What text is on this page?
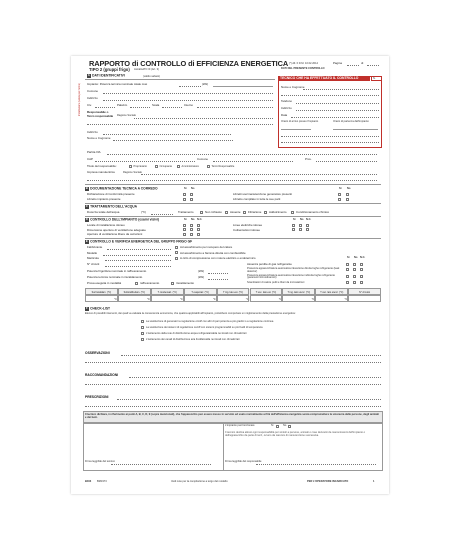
RAPPORTO di CONTROLLO di EFFICIENZA ENERGETICA (*) All. II D.M. 10.02.2014	Pagina	di
TIPO 2 (gruppi frigo) ALLEGATO III (Art. 3)
Installazione (valida per l'anno)
A DATI IDENTIFICATIVI	(valido sabato)
Impianto: Potenza termica nominale totale max	(kW)
Comune
Indirizzo
Civ.	Palazzo	Scala	Interno
Responsabile o
Terzo responsabile Ragione Sociale
DATI DEL PRESENTE CONTROLLO
TECNICO CHE HA EFFETTUATO IL CONTROLLO	N.
Nome e Cognome
Telefono
Indirizzo
Data
Orario di arrivo presso l'impianto	Orario di partenza dall'impianto
Indirizzo
Nome e Cognome
Partita IVA
CAP	Comune	Prov.
Titolo del responsabile:	Proprietario	Occupante	Amministratore	Terzo Responsabile
Impresa manutentrice	Ragione Sociale
B DOCUMENTAZIONE TECNICA A CORREDO	Si No	Si No
Dichiarazione di Conformità presente
Libretto impianto presente
Libretti uso/manutenzione generatore presenti
Libretto compilato in tutte le sue parti
C TRATTAMENTO DELL'ACQUA
Durezza totale dell'acqua	(°fr)	Trattamento	Non richiesto	Assente	Filtrazione	Addolcimento	Condizionamento chimico
D CONTROLLO DELL'IMPIANTO (esami visivi)	Si No N.C.	Si No N.C.
Locale di installazione idoneo
Dimensione aperture di ventilazione adeguate
Aperture di ventilazione libere da ostruzioni
Linee elettriche idonee
Coibentazioni idonee
E CONTROLLO E VERIFICA ENERGETICA DEL GRUPPO FRIGO GF
Fabbricante
Modello
Matricola
N° circuiti
Ad assorbimento per recupero del calore
Ad assorbimento a fiamma diretta con combustibile
A ciclo di compressione con motore elettrico o endotermico
Potenza frigorifera nominale in raffrescamento	(kW)
Potenza termica nominale in riscaldamento	(kW)
Prova eseguita in modalità	raffrescamento	riscaldamento
Si No N.C.
Assenza perdite di gas refrigerante
Presenza apparecchiatura automatica rilevazione diretta fughe refrigerante (leak detector)
Presenza apparecchiatura automatica rilevazione indiretta fughe refrigerante (parametri termodinamici)
Scambiatori di calore puliti e liberi da incrostazioni
Surriscaldam. (°C)	Sottoraffredam. (°C)	T condensaz. (°C)	T evaporaz. (°C)	T ing. lato est. (°C)	T usc. lato est. (°C)	T ing. lato utenz. (°C)	T usc. lato utenz. (°C)	N° circuito
°C	°C	°C	°C	°C	°C	°C	°C
F CHECK-LIST
Elenco di possibili interventi, dei quali va valutata la convenienza economica, che qualora applicabili all'impianto, potrebbero comportare un miglioramento della prestazione energetica:
La sostituzione di generatori a regolazione on/off con altri di pari potenza a più gradini o a regolazione continua
La sostituzione dei sistemi di regolazione on/off con sistemi programmabili su più livelli di temperatura
L'isolamento della rete di distribuzione acqua refrigerata/calda nei locali non climatizzati
L'isolamento dei canali di distribuzione aria fredda/calda nei locali non climatizzati
OSSERVAZIONI
RACCOMANDAZIONI
PRESCRIZIONI
Il tecnico dichiara, in riferimento ai punti A, B, C, D, E (sopra menzionati), che l'apparecchio può essere messo in servizio ed usato normalmente ai fini dell'efficienza energetica senza compromettere la sicurezza delle persone, degli animali e dei beni.
L'impianto può funzionare	Si	No
Il tecnico declina altresì ogni responsabilità per sinistri a persone, animali o cose derivanti da manomissioni dell'impianto o dell'apparecchio da parte di terzi, ovvero da carenze di manutenzione successiva.
Firma leggibile del tecnico	Firma leggibile del responsabile
B403 BM1973	Vedi note per la compilazione a tergo del modello	PER L'OPERATORE INCARICATO	1
